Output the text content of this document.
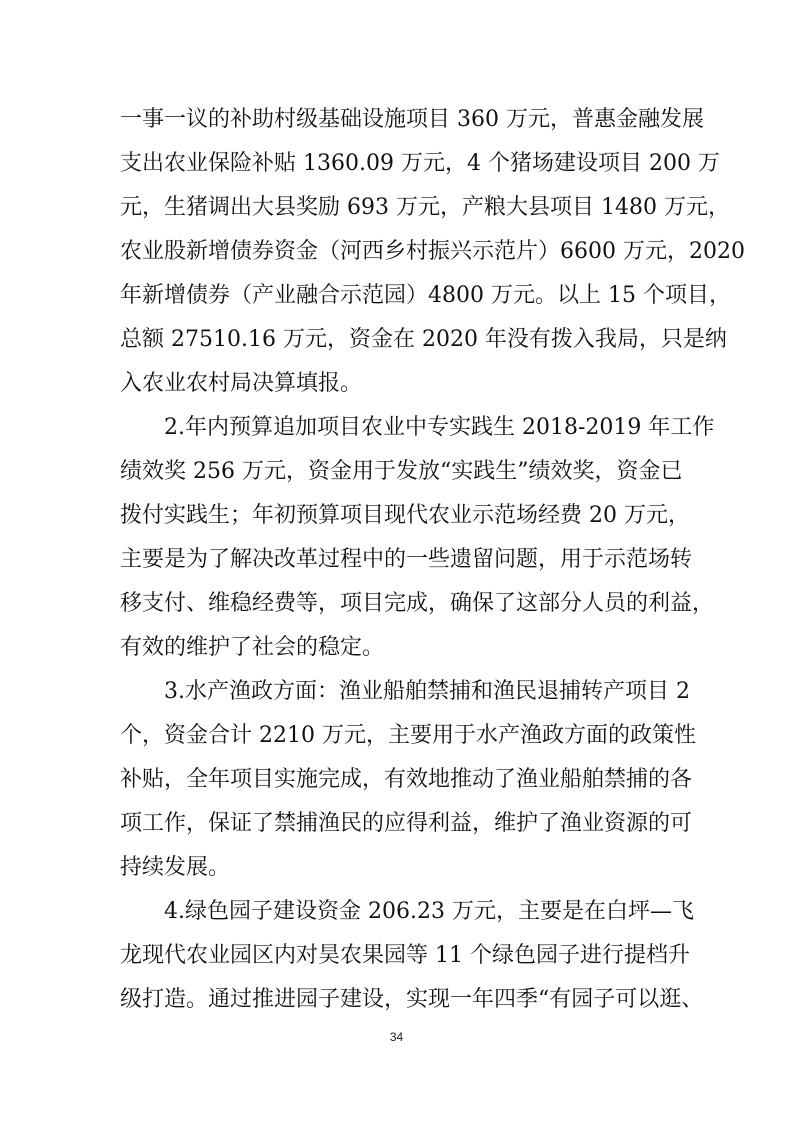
一事一议的补助村级基础设施项目 360 万元，普惠金融发展
支出农业保险补贴 1360.09 万元，4 个猪场建设项目 200 万
元，生猪调出大县奖励 693 万元，产粮大县项目 1480 万元，
农业股新增债券资金（河西乡村振兴示范片）6600 万元，2020
年新增债券（产业融合示范园）4800 万元。以上 15 个项目，
总额 27510.16 万元，资金在 2020 年没有拨入我局，只是纳
入农业农村局决算填报。
2.年内预算追加项目农业中专实践生 2018-2019 年工作
绩效奖 256 万元，资金用于发放“实践生”绩效奖，资金已
拨付实践生；年初预算项目现代农业示范场经费 20 万元，
主要是为了解决改革过程中的一些遗留问题，用于示范场转
移支付、维稳经费等，项目完成，确保了这部分人员的利益，
有效的维护了社会的稳定。
3.水产渔政方面：渔业船舶禁捕和渔民退捕转产项目 2
个，资金合计 2210 万元，主要用于水产渔政方面的政策性
补贴，全年项目实施完成，有效地推动了渔业船舶禁捕的各
项工作，保证了禁捕渔民的应得利益，维护了渔业资源的可
持续发展。
4.绿色园子建设资金 206.23 万元，主要是在白坪—飞
龙现代农业园区内对昊农果园等 11 个绿色园子进行提档升
级打造。通过推进园子建设，实现一年四季“有园子可以逛、
34
